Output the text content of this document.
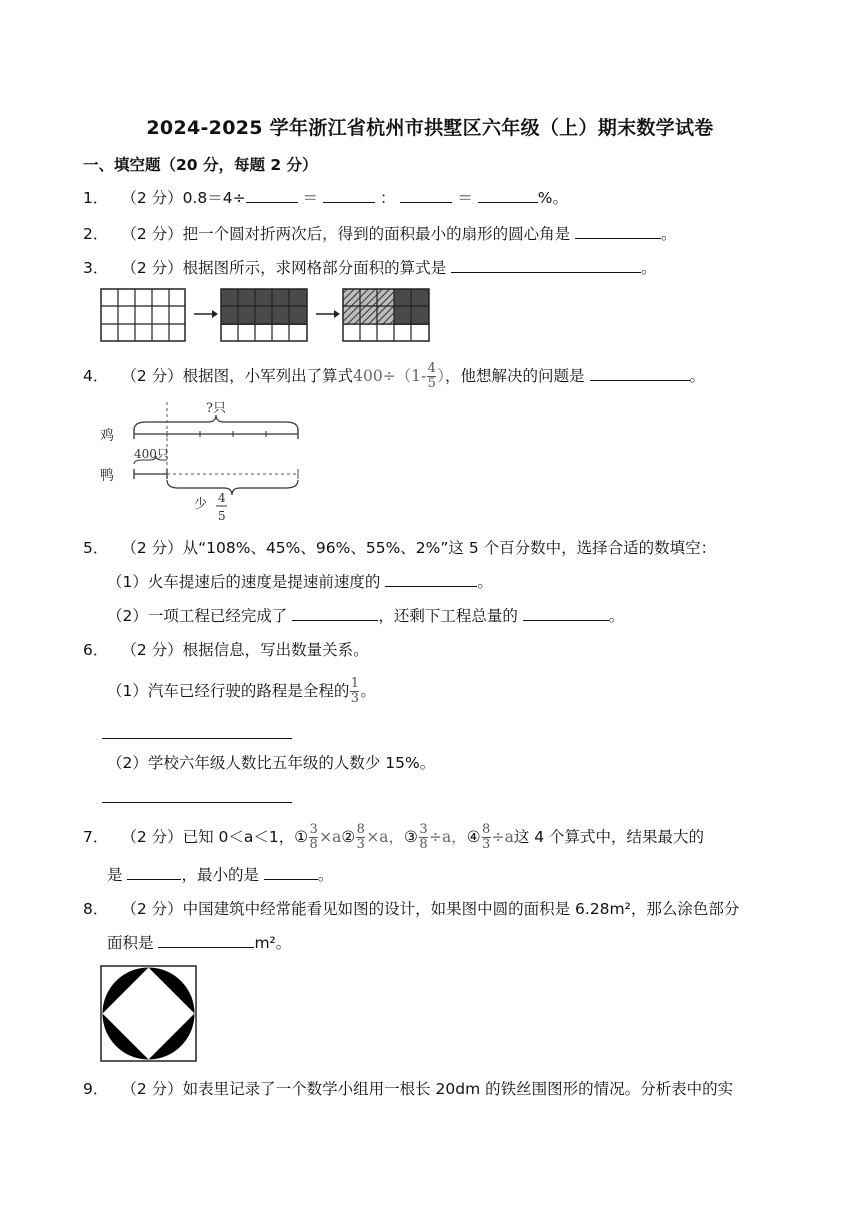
2024-2025 学年浙江省杭州市拱墅区六年级（上）期末数学试卷
一、填空题（20 分，每题 2 分）
1． （2 分）0.8＝4÷	＝	：	＝	%。
2． （2 分）把一个圆对折两次后，得到的面积最小的扇形的圆心角是	。
3． （2 分）根据图所示，求网格部分面积的算式是	。
4． （2 分）根据图，小军列出了算式$400\div(1- \frac{4}{5}$ ），他想解决的问题是	。
鸡
鸭
?只
400只
少 4
5
5． （2 分）从“108%、45%、96%、55%、2%”这 5 个百分数中，选择合适的数填空：
（1）火车提速后的速度是提速前速度的	。
（2）一项工程已经完成了	，还剩下工程总量的	。
6． （2 分）根据信息，写出数量关系。
（1）汽车已经行驶的路程是全程的 $\frac{1}{3}$ 。
（2）学校六年级人数比五年级的人数少 15%。
7． （2 分）已知 0＜a＜1，① $\frac{3}{8}$ ×a② $\frac{8}{3} \times a$，③ $\frac{3}{8} \div a$，④ $\frac{8}{3} \div a$这 4 个算式中，结果最大的
是	，最小的是	。
8． （2 分）中国建筑中经常能看见如图的设计，如果图中圆的面积是 6.28m²，那么涂色部分
面积是	m²。
9． （2 分）如表里记录了一个数学小组用一根长 20dm 的铁丝围图形的情况。分析表中的实
